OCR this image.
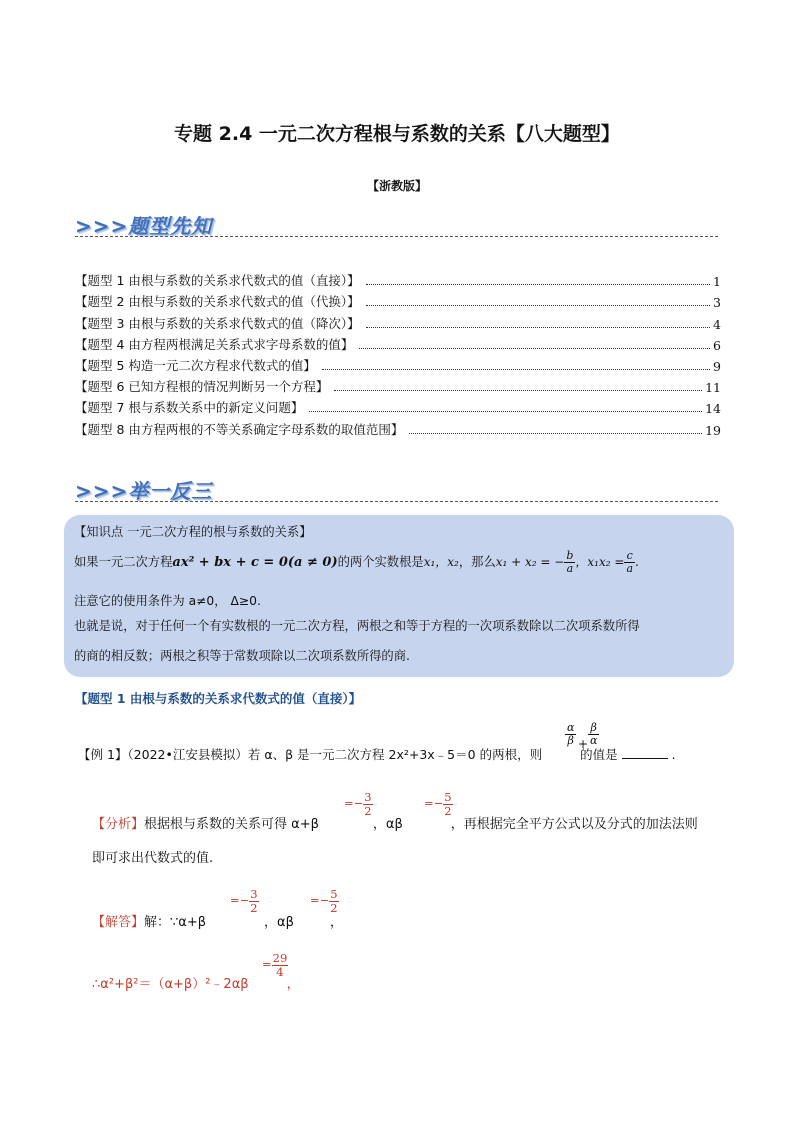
专题 2.4 一元二次方程根与系数的关系【八大题型】
【浙教版】
>>>题型先知
【题型 1 由根与系数的关系求代数式的值（直接）】	1
【题型 2 由根与系数的关系求代数式的值（代换）】	3
【题型 3 由根与系数的关系求代数式的值（降次）】	4
【题型 4 由方程两根满足关系式求字母系数的值】	6
【题型 5 构造一元二次方程求代数式的值】	9
【题型 6 已知方程根的情况判断另一个方程】	11
【题型 7 根与系数关系中的新定义问题】	14
【题型 8 由方程两根的不等关系确定字母系数的取值范围】	19
>>>举一反三
【知识点 一元二次方程的根与系数的关系】
如果一元二次方程ax² + bx + c = 0(a ≠ 0)的两个实数根是x₁，x₂，那么x₁ + x₂ = − $\frac{b}{a}$ ，$x_1x_2 = \frac{c}{a}$ .
注意它的使用条件为 a≠0， Δ≥0.
也就是说，对于任何一个有实数根的一元二次方程，两根之和等于方程的一次项系数除以二次项系数所得
的商的相反数；两根之积等于常数项除以二次项系数所得的商.
【题型 1 由根与系数的关系求代数式的值（直接）】
$\frac{\alpha}{\beta} \frac{\beta}{\alpha}$
+
【例 1】（2022•江安县模拟）若 α、β 是一元二次方程 2x²+3x﹣5＝0 的两根，则	的值是	.
【分析】根据根与系数的关系可得 α+β	，αβ	，再根据完全平方公式以及分式的加法法则
=− $\frac{3}{2}$	=− $\frac{5}{2}$
即可求出代数式的值.
【解答】解：∵α+β	，αβ	，
=− $\frac{3}{2}$	=− $\frac{5}{2}$
∴α²+β²＝（α+β）²﹣2αβ	，
= $\frac{29}{4}$
